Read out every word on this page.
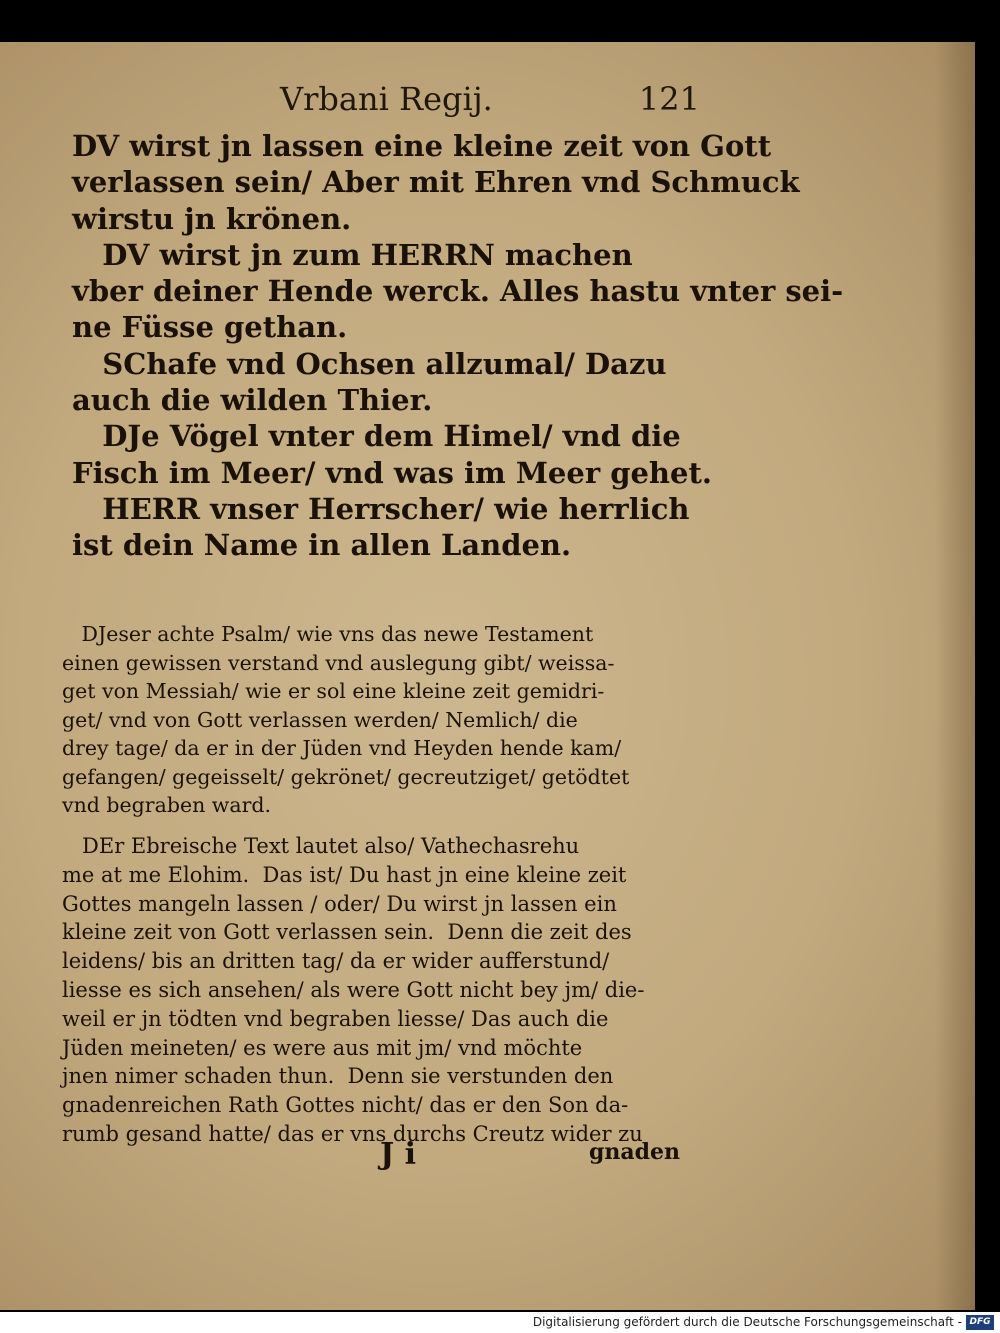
Vrbani Regij.	121

DV wirst jn lassen eine kleine zeit von Gott

verlassen sein/ Aber mit Ehren vnd Schmuck

wirstu jn krönen.

DV wirst jn zum HERRN machen

vber deiner Hende werck. Alles hastu vnter sei-

ne Füsse gethan.

SChafe vnd Ochsen allzumal/ Dazu

auch die wilden Thier.

DJe Vögel vnter dem Himel/ vnd die

Fisch im Meer/ vnd was im Meer gehet.

HERR vnser Herrscher/ wie herrlich

ist dein Name in allen Landen.

DJeser achte Psalm/ wie vns das newe Testament

einen gewissen verstand vnd auslegung gibt/ weissa-

get von Messiah/ wie er sol eine kleine zeit gemidri-

get/ vnd von Gott verlassen werden/ Nemlich/ die

drey tage/ da er in der Jüden vnd Heyden hende kam/

gefangen/ gegeisselt/ gekrönet/ gecreutziget/ getödtet

vnd begraben ward.

DEr Ebreische Text lautet also/ Vathechasrehu

me at me Elohim.  Das ist/ Du hast jn eine kleine zeit

Gottes mangeln lassen / oder/ Du wirst jn lassen ein

kleine zeit von Gott verlassen sein.  Denn die zeit des

leidens/ bis an dritten tag/ da er wider aufferstund/

liesse es sich ansehen/ als were Gott nicht bey jm/ die-

weil er jn tödten vnd begraben liesse/ Das auch die

Jüden meineten/ es were aus mit jm/ vnd möchte

jnen nimer schaden thun.  Denn sie verstunden den

gnadenreichen Rath Gottes nicht/ das er den Son da-

rumb gesand hatte/ das er vns durchs Creutz wider zu

J i	gnaden
Digitalisierung gefördert durch die Deutsche Forschungsgemeinschaft - DFG
